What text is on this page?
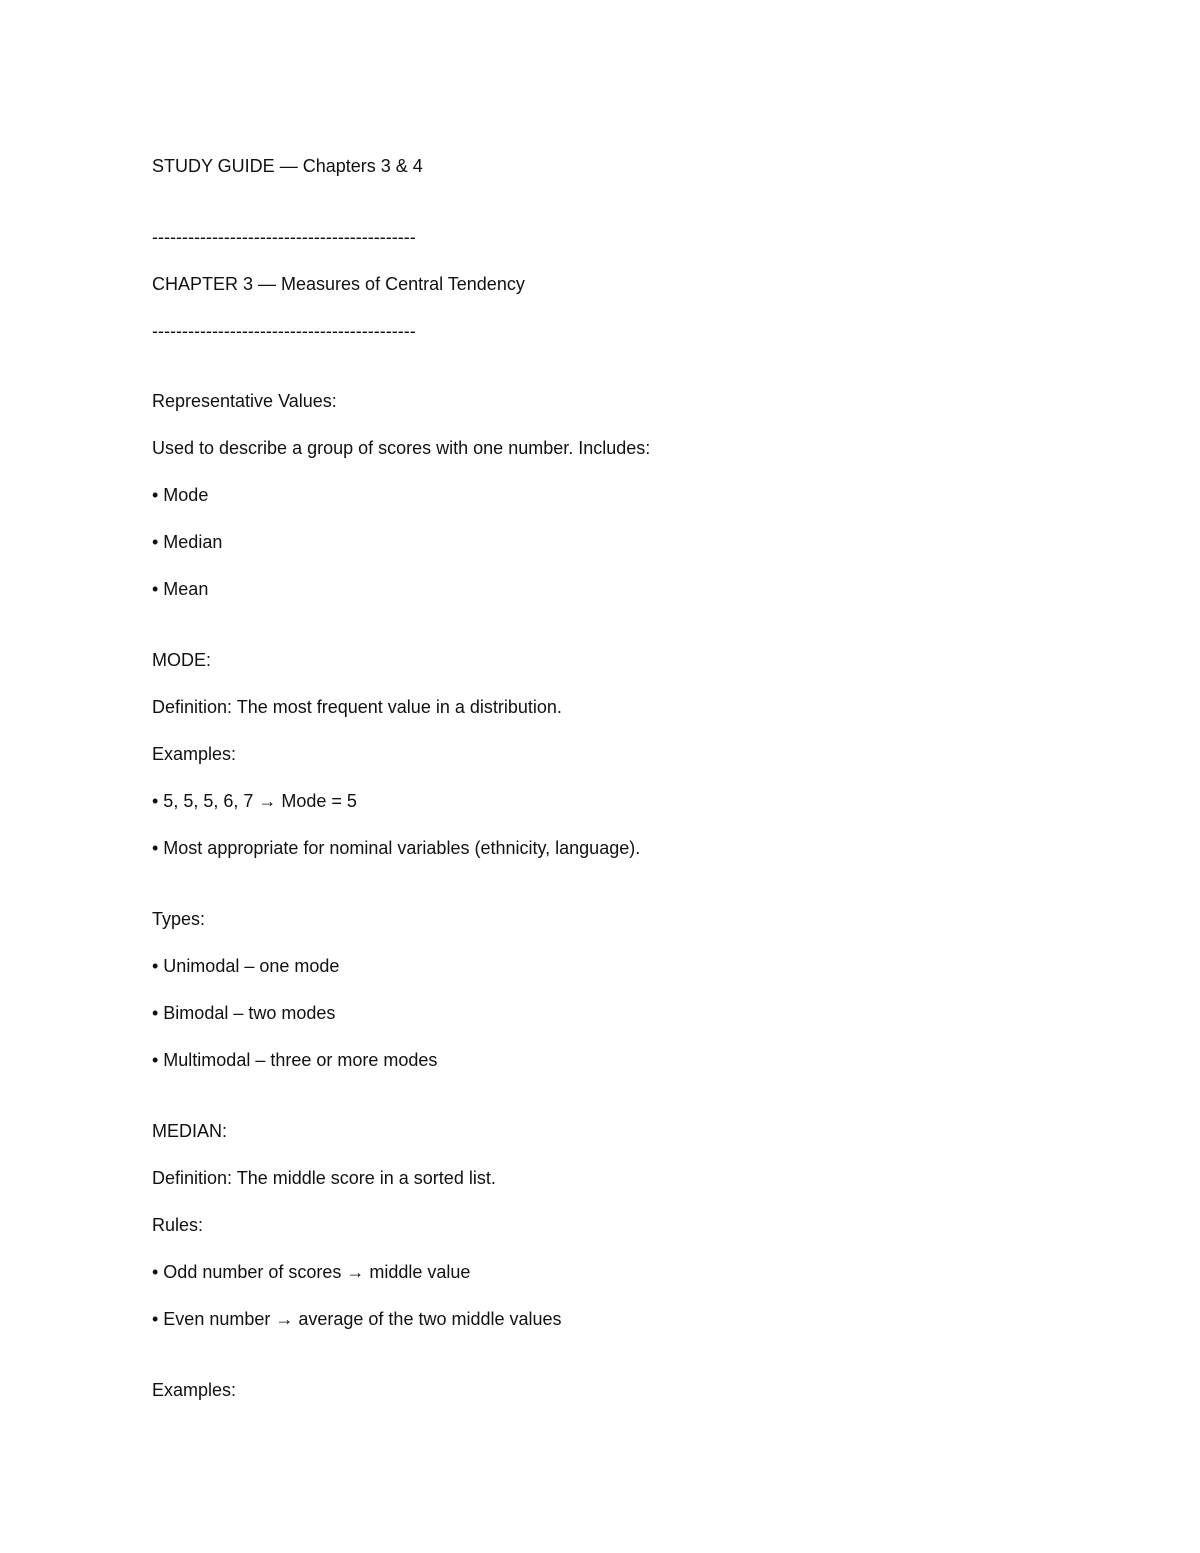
STUDY GUIDE — Chapters 3 & 4
--------------------------------------------
CHAPTER 3 — Measures of Central Tendency
--------------------------------------------
Representative Values:
Used to describe a group of scores with one number. Includes:
• Mode
• Median
• Mean
MODE:
Definition: The most frequent value in a distribution.
Examples:
• 5, 5, 5, 6, 7 → Mode = 5
• Most appropriate for nominal variables (ethnicity, language).
Types:
• Unimodal – one mode
• Bimodal – two modes
• Multimodal – three or more modes
MEDIAN:
Definition: The middle score in a sorted list.
Rules:
• Odd number of scores → middle value
• Even number → average of the two middle values
Examples:
